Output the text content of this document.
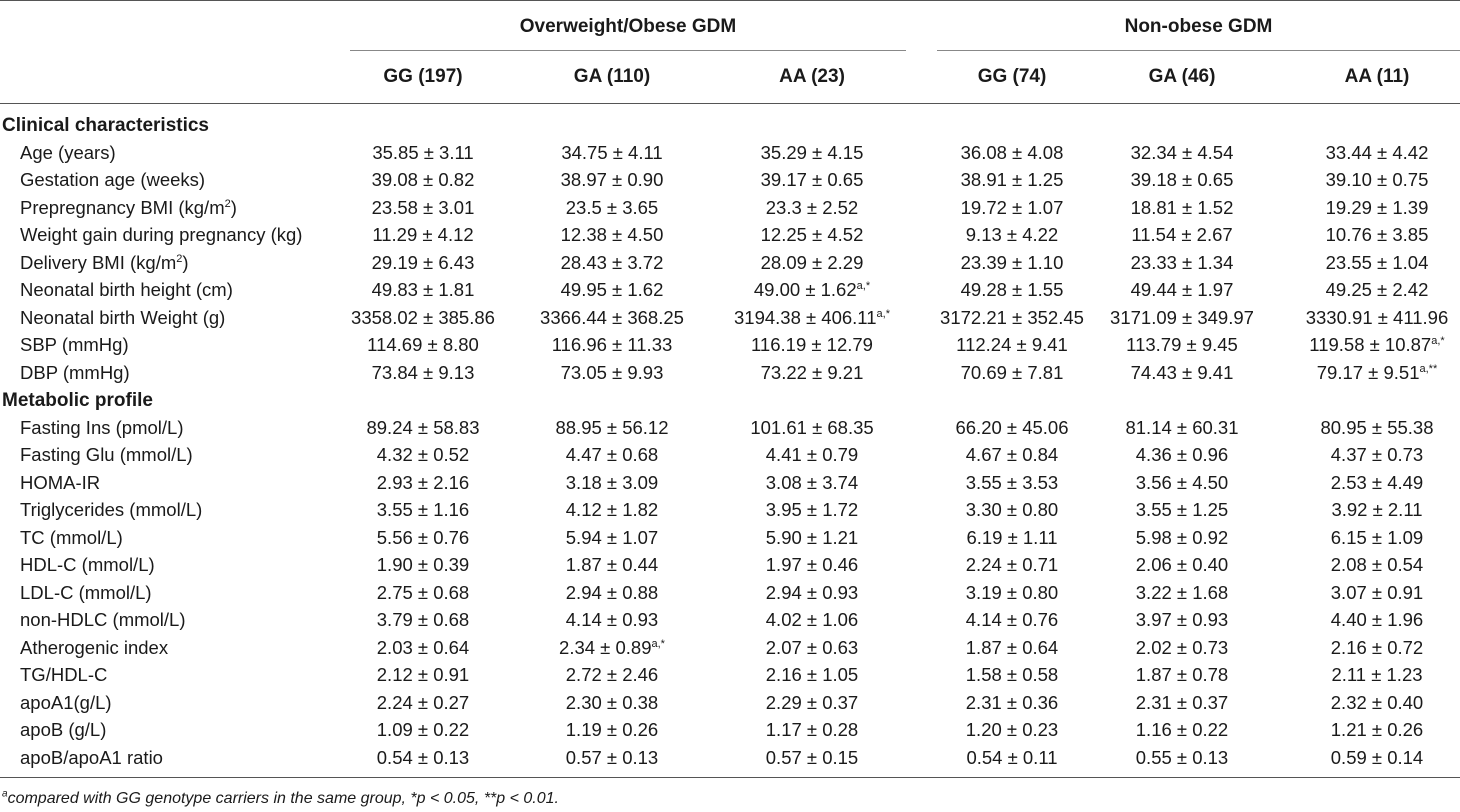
Overweight/Obese GDM	Non-obese GDM
GG (197)	GA (110)	AA (23)	GG (74)	GA (46)	AA (11)
Clinical characteristics
Age (years)	35.85 ± 3.11	34.75 ± 4.11	35.29 ± 4.15	36.08 ± 4.08	32.34 ± 4.54	33.44 ± 4.42
Gestation age (weeks)	39.08 ± 0.82	38.97 ± 0.90	39.17 ± 0.65	38.91 ± 1.25	39.18 ± 0.65	39.10 ± 0.75
Prepregnancy BMI $(kg/m^2)$	23.58 ± 3.01	23.5 ± 3.65	23.3 ± 2.52	19.72 ± 1.07	18.81 ± 1.52	19.29 ± 1.39
Weight gain during pregnancy (kg)	11.29 ± 4.12	12.38 ± 4.50	12.25 ± 4.52	9.13 ± 4.22	11.54 ± 2.67	10.76 ± 3.85
Delivery BMI $(kg/m^2)$	29.19 ± 6.43	28.43 ± 3.72	28.09 ± 2.29	23.39 ± 1.10	23.33 ± 1.34	23.55 ± 1.04
Neonatal birth height (cm)	49.83 ± 1.81	49.95 ± 1.62	$49.00 \pm 1.62^{a,*}$	49.28 ± 1.55	49.44 ± 1.97	49.25 ± 2.42
Neonatal birth Weight (g)	3358.02 ± 385.86	3366.44 ± 368.25	$3194.38 \pm 406.11^{a,*}$	3172.21 ± 352.45	3171.09 ± 349.97	3330.91 ± 411.96
SBP (mmHg)	114.69 ± 8.80	116.96 ± 11.33	116.19 ± 12.79	112.24 ± 9.41	113.79 ± 9.45	$119.58 \pm 10.87^{a,*}$
DBP (mmHg)	73.84 ± 9.13	73.05 ± 9.93	73.22 ± 9.21	70.69 ± 7.81	74.43 ± 9.41	$79.17 \pm 9.51^{a,**}$
Metabolic profile
Fasting Ins (pmol/L)	89.24 ± 58.83	88.95 ± 56.12	101.61 ± 68.35	66.20 ± 45.06	81.14 ± 60.31	80.95 ± 55.38
Fasting Glu (mmol/L)	4.32 ± 0.52	4.47 ± 0.68	4.41 ± 0.79	4.67 ± 0.84	4.36 ± 0.96	4.37 ± 0.73
HOMA-IR	2.93 ± 2.16	3.18 ± 3.09	3.08 ± 3.74	3.55 ± 3.53	3.56 ± 4.50	2.53 ± 4.49
Triglycerides (mmol/L)	3.55 ± 1.16	4.12 ± 1.82	3.95 ± 1.72	3.30 ± 0.80	3.55 ± 1.25	3.92 ± 2.11
TC (mmol/L)	5.56 ± 0.76	5.94 ± 1.07	5.90 ± 1.21	6.19 ± 1.11	5.98 ± 0.92	6.15 ± 1.09
HDL-C (mmol/L)	1.90 ± 0.39	1.87 ± 0.44	1.97 ± 0.46	2.24 ± 0.71	2.06 ± 0.40	2.08 ± 0.54
LDL-C (mmol/L)	2.75 ± 0.68	2.94 ± 0.88	2.94 ± 0.93	3.19 ± 0.80	3.22 ± 1.68	3.07 ± 0.91
non-HDLC (mmol/L)	3.79 ± 0.68	4.14 ± 0.93	4.02 ± 1.06	4.14 ± 0.76	3.97 ± 0.93	4.40 ± 1.96
Atherogenic index	2.03 ± 0.64	$2.34 \pm 0.89^{a,*}$	2.07 ± 0.63	1.87 ± 0.64	2.02 ± 0.73	2.16 ± 0.72
TG/HDL-C	2.12 ± 0.91	2.72 ± 2.46	2.16 ± 1.05	1.58 ± 0.58	1.87 ± 0.78	2.11 ± 1.23
apoA1(g/L)	2.24 ± 0.27	2.30 ± 0.38	2.29 ± 0.37	2.31 ± 0.36	2.31 ± 0.37	2.32 ± 0.40
apoB (g/L)	1.09 ± 0.22	1.19 ± 0.26	1.17 ± 0.28	1.20 ± 0.23	1.16 ± 0.22	1.21 ± 0.26
apoB/apoA1 ratio	0.54 ± 0.13	0.57 ± 0.13	0.57 ± 0.15	0.54 ± 0.11	0.55 ± 0.13	0.59 ± 0.14
$^a$compared with GG genotype carriers in the same group, *p < 0.05, **p < 0.01.
